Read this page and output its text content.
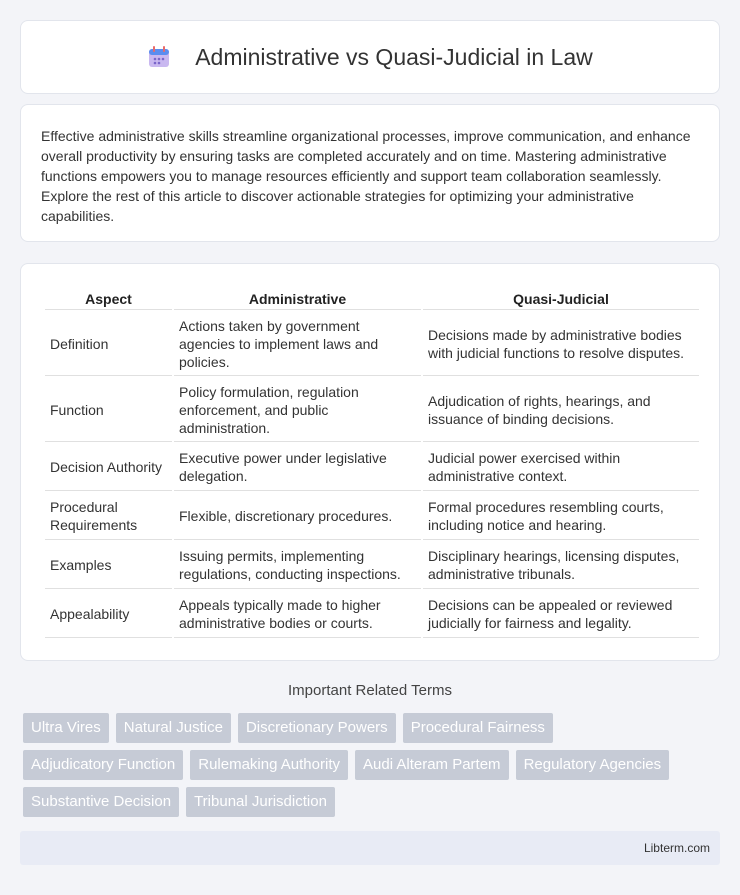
Administrative vs Quasi-Judicial in Law

Effective administrative skills streamline organizational processes, improve communication, and enhance overall productivity by ensuring tasks are completed accurately and on time. Mastering administrative functions empowers you to manage resources efficiently and support team collaboration seamlessly. Explore the rest of this article to discover actionable strategies for optimizing your administrative capabilities.

Aspect	Administrative	Quasi-Judicial
Definition	Actions taken by government agencies to implement laws and policies.	Decisions made by administrative bodies with judicial functions to resolve disputes.
Function	Policy formulation, regulation enforcement, and public administration.	Adjudication of rights, hearings, and issuance of binding decisions.
Decision Authority	Executive power under legislative delegation.	Judicial power exercised within administrative context.
Procedural Requirements	Flexible, discretionary procedures.	Formal procedures resembling courts, including notice and hearing.
Examples	Issuing permits, implementing regulations, conducting inspections.	Disciplinary hearings, licensing disputes, administrative tribunals.
Appealability	Appeals typically made to higher administrative bodies or courts.	Decisions can be appealed or reviewed judicially for fairness and legality.
Important Related Terms
Ultra Vires	Natural Justice	Discretionary Powers	Procedural Fairness
Adjudicatory Function	Rulemaking Authority	Audi Alteram Partem	Regulatory Agencies
Substantive Decision	Tribunal Jurisdiction
Libterm.com
